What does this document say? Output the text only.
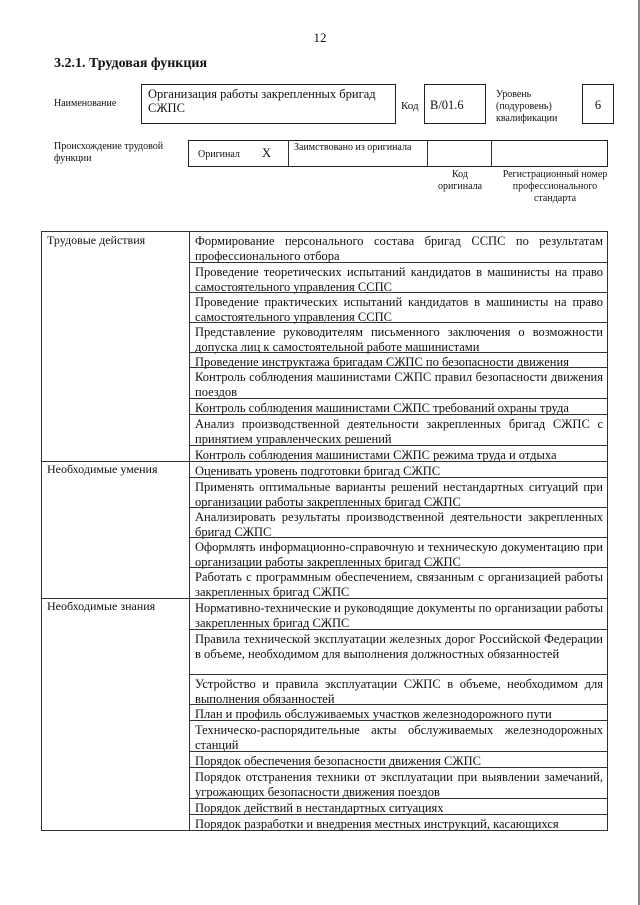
12
3.2.1. Трудовая функция
Наименование
Организация работы закрепленных бригад СЖПС	Код B/01.6
Уровень (подуровень) квалификации
6
Происхождение трудовой функции	Оригинал X Заимствовано из оригинала
Код оригинала
Регистрационный номер профессионального стандарта
Трудовые действия
Необходимые умения
Необходимые знания
Формирование персонального состава бригад ССПС по результатам профессионального отбора
Проведение теоретических испытаний кандидатов в машинисты на право самостоятельного управления ССПС
Проведение практических испытаний кандидатов в машинисты на право самостоятельного управления ССПС
Представление руководителям письменного заключения о возможности допуска лиц к самостоятельной работе машинистами
Проведение инструктажа бригадам СЖПС по безопасности движения
Контроль соблюдения машинистами СЖПС правил безопасности движения поездов
Контроль соблюдения машинистами СЖПС требований охраны труда
Анализ производственной деятельности закрепленных бригад СЖПС с принятием управленческих решений
Контроль соблюдения машинистами СЖПС режима труда и отдыха
Оценивать уровень подготовки бригад СЖПС
Применять оптимальные варианты решений нестандартных ситуаций при организации работы закрепленных бригад СЖПС
Анализировать результаты производственной деятельности закрепленных бригад СЖПС
Оформлять информационно-справочную и техническую документацию при организации работы закрепленных бригад СЖПС
Работать с программным обеспечением, связанным с организацией работы закрепленных бригад СЖПС
Нормативно-технические и руководящие документы по организации работы закрепленных бригад СЖПС
Правила технической эксплуатации железных дорог Российской Федерации в объеме, необходимом для выполнения должностных обязанностей
Устройство и правила эксплуатации СЖПС в объеме, необходимом для выполнения обязанностей
План и профиль обслуживаемых участков железнодорожного пути
Техническо-распорядительные акты обслуживаемых железнодорожных станций
Порядок обеспечения безопасности движения СЖПС
Порядок отстранения техники от эксплуатации при выявлении замечаний, угрожающих безопасности движения поездов
Порядок действий в нестандартных ситуациях
Порядок разработки и внедрения местных инструкций, касающихся
